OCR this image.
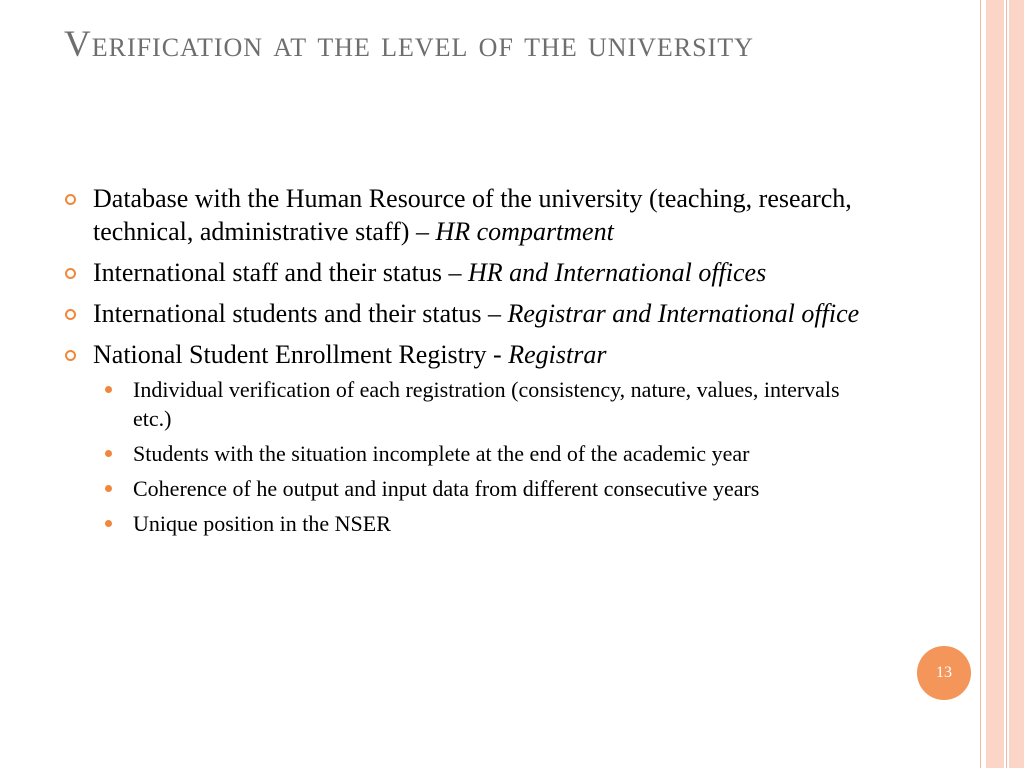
Verification at the level of the university
Database with the Human Resource of the university (teaching, research, technical, administrative staff) – HR compartment
International staff and their status – HR and International offices
International students and their status – Registrar and International office
National Student Enrollment Registry - Registrar
Individual verification of each registration (consistency, nature, values, intervals etc.)
Students with the situation incomplete at the end of the academic year
Coherence of he output and input data from different consecutive years
Unique position in the NSER
13
